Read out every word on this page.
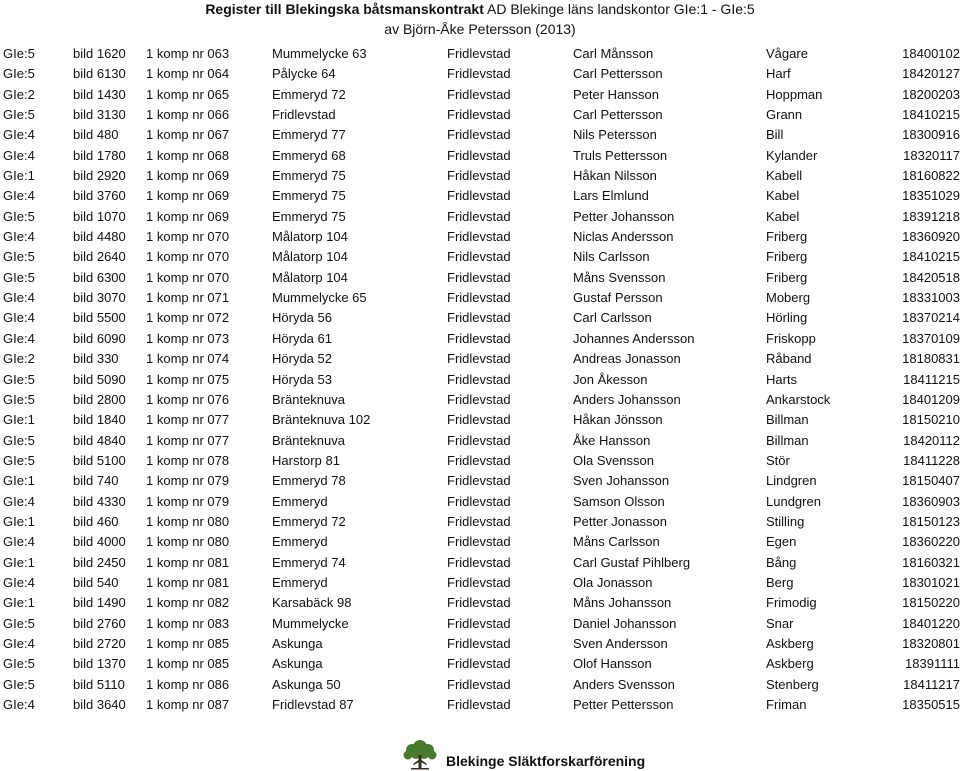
Register till Blekingska båtsmanskontrakt AD Blekinge läns landskontor GIe:1 - GIe:5
av Björn-Åke Petersson (2013)
GIe:5	bild 1620	1 komp nr 063	Mummelycke 63	Fridlevstad	Carl Månsson	Vågare	18400102
GIe:5	bild 6130	1 komp nr 064	Pålycke 64	Fridlevstad	Carl Pettersson	Harf	18420127
GIe:2	bild 1430	1 komp nr 065	Emmeryd 72	Fridlevstad	Peter Hansson	Hoppman	18200203
GIe:5	bild 3130	1 komp nr 066	Fridlevstad	Fridlevstad	Carl Pettersson	Grann	18410215
GIe:4	bild 480	1 komp nr 067	Emmeryd 77	Fridlevstad	Nils Petersson	Bill	18300916
GIe:4	bild 1780	1 komp nr 068	Emmeryd 68	Fridlevstad	Truls Pettersson	Kylander	18320117
GIe:1	bild 2920	1 komp nr 069	Emmeryd 75	Fridlevstad	Håkan Nilsson	Kabell	18160822
GIe:4	bild 3760	1 komp nr 069	Emmeryd 75	Fridlevstad	Lars Elmlund	Kabel	18351029
GIe:5	bild 1070	1 komp nr 069	Emmeryd 75	Fridlevstad	Petter Johansson	Kabel	18391218
GIe:4	bild 4480	1 komp nr 070	Målatorp 104	Fridlevstad	Niclas Andersson	Friberg	18360920
GIe:5	bild 2640	1 komp nr 070	Målatorp 104	Fridlevstad	Nils Carlsson	Friberg	18410215
GIe:5	bild 6300	1 komp nr 070	Målatorp 104	Fridlevstad	Måns Svensson	Friberg	18420518
GIe:4	bild 3070	1 komp nr 071	Mummelycke 65	Fridlevstad	Gustaf Persson	Moberg	18331003
GIe:4	bild 5500	1 komp nr 072	Höryda 56	Fridlevstad	Carl Carlsson	Hörling	18370214
GIe:4	bild 6090	1 komp nr 073	Höryda 61	Fridlevstad	Johannes Andersson	Friskopp	18370109
GIe:2	bild 330	1 komp nr 074	Höryda 52	Fridlevstad	Andreas Jonasson	Råband	18180831
GIe:5	bild 5090	1 komp nr 075	Höryda 53	Fridlevstad	Jon Åkesson	Harts	18411215
GIe:5	bild 2800	1 komp nr 076	Bränteknuva	Fridlevstad	Anders Johansson	Ankarstock	18401209
GIe:1	bild 1840	1 komp nr 077	Bränteknuva 102	Fridlevstad	Håkan Jönsson	Billman	18150210
GIe:5	bild 4840	1 komp nr 077	Bränteknuva	Fridlevstad	Åke Hansson	Billman	18420112
GIe:5	bild 5100	1 komp nr 078	Harstorp 81	Fridlevstad	Ola Svensson	Stör	18411228
GIe:1	bild 740	1 komp nr 079	Emmeryd 78	Fridlevstad	Sven Johansson	Lindgren	18150407
GIe:4	bild 4330	1 komp nr 079	Emmeryd	Fridlevstad	Samson Olsson	Lundgren	18360903
GIe:1	bild 460	1 komp nr 080	Emmeryd 72	Fridlevstad	Petter Jonasson	Stilling	18150123
GIe:4	bild 4000	1 komp nr 080	Emmeryd	Fridlevstad	Måns Carlsson	Egen	18360220
GIe:1	bild 2450	1 komp nr 081	Emmeryd 74	Fridlevstad	Carl Gustaf Pihlberg	Bång	18160321
GIe:4	bild 540	1 komp nr 081	Emmeryd	Fridlevstad	Ola Jonasson	Berg	18301021
GIe:1	bild 1490	1 komp nr 082	Karsabäck 98	Fridlevstad	Måns Johansson	Frimodig	18150220
GIe:5	bild 2760	1 komp nr 083	Mummelycke	Fridlevstad	Daniel Johansson	Snar	18401220
GIe:4	bild 2720	1 komp nr 085	Askunga	Fridlevstad	Sven Andersson	Askberg	18320801
GIe:5	bild 1370	1 komp nr 085	Askunga	Fridlevstad	Olof Hansson	Askberg	18391111
GIe:5	bild 5110	1 komp nr 086	Askunga 50	Fridlevstad	Anders Svensson	Stenberg	18411217
GIe:4	bild 3640	1 komp nr 087	Fridlevstad 87	Fridlevstad	Petter Pettersson	Friman	18350515
Blekinge Släktforskarförening
